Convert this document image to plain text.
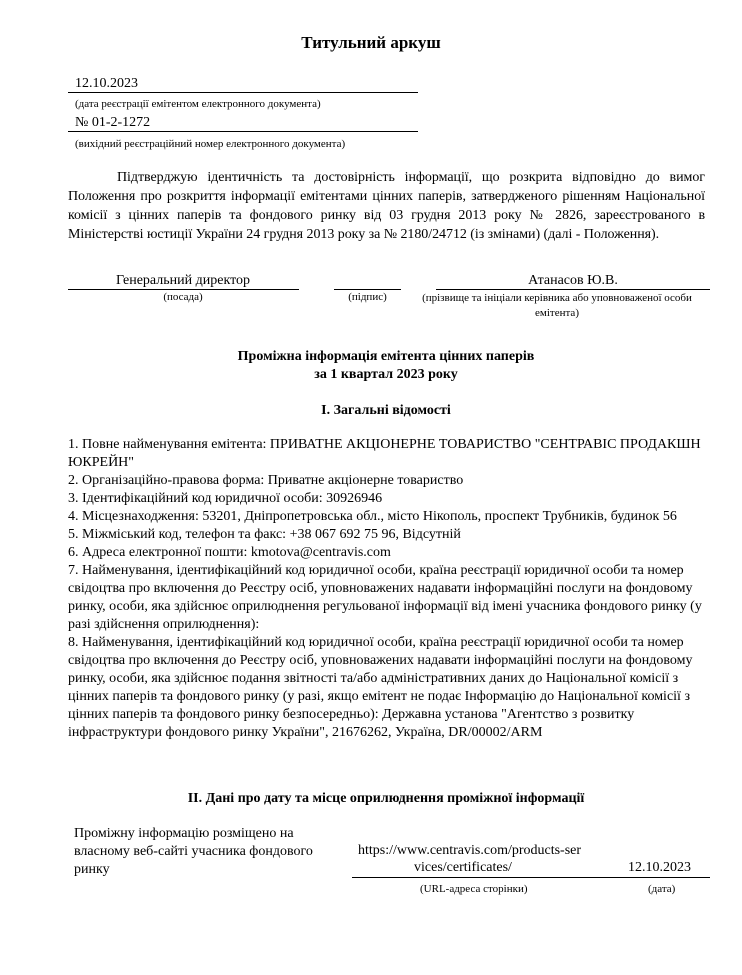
Титульний аркуш
12.10.2023
(дата реєстрації емітентом електронного документа)
№ 01-2-1272
(вихідний реєстраційний номер електронного документа)
Підтверджую ідентичність та достовірність інформації, що розкрита відповідно до вимог Положення про розкриття інформації емітентами цінних паперів, затвердженого рішенням Національної комісії з цінних паперів та фондового ринку від 03 грудня 2013 року № 2826, зареєстрованого в Міністерстві юстиції України 24 грудня 2013 року за № 2180/24712 (із змінами) (далі - Положення).
Генеральний директор
(посада)	(підпис)
Атанасов Ю.В.
(прізвище та ініціали керівника або уповноваженої особи емітента)
Проміжна інформація емітента цінних паперів
за 1 квартал 2023 року
I. Загальні відомості

1. Повне найменування емітента: ПРИВАТНЕ АКЦІОНЕРНЕ ТОВАРИСТВО "СЕНТРАВІС ПРОДАКШН ЮКРЕЙН"

2. Організаційно-правова форма: Приватне акціонерне товариство

3. Ідентифікаційний код юридичної особи: 30926946

4. Місцезнаходження: 53201, Дніпропетровська обл., місто Нікополь, проспект Трубників, будинок 56

5. Міжміський код, телефон та факс: +38 067 692 75 96, Відсутній

6. Адреса електронної пошти: kmotova@centravis.com

7. Найменування, ідентифікаційний код юридичної особи, країна реєстрації юридичної особи та номер свідоцтва про включення до Реєстру осіб, уповноважених надавати інформаційні послуги на фондовому ринку, особи, яка здійснює оприлюднення регульованої інформації від імені учасника фондового ринку (у разі здійснення оприлюднення):

8. Найменування, ідентифікаційний код юридичної особи, країна реєстрації юридичної особи та номер свідоцтва про включення до Реєстру осіб, уповноважених надавати інформаційні послуги на фондовому ринку, особи, яка здійснює подання звітності та/або адміністративних даних до Національної комісії з цінних паперів та фондового ринку (у разі, якщо емітент не подає Інформацію до Національної комісії з цінних паперів та фондового ринку безпосередньо): Державна установа "Агентство з розвитку інфраструктури фондового ринку України", 21676262, Україна, DR/00002/ARM

II. Дані про дату та місце оприлюднення проміжної інформації
Проміжну інформацію розміщено на власному веб-сайті учасника фондового ринку
https://www.centravis.com/products-ser
vices/certificates/	12.10.2023
(URL-адреса сторінки)	(дата)
